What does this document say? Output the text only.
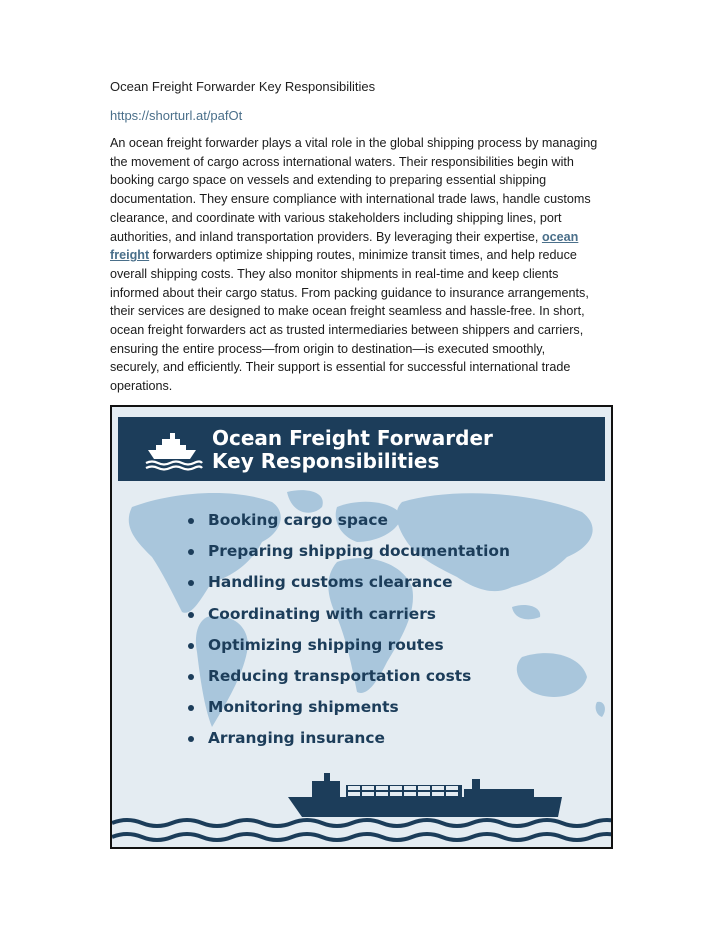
Ocean Freight Forwarder Key Responsibilities
https://shorturl.at/pafOt
An ocean freight forwarder plays a vital role in the global shipping process by managing
the movement of cargo across international waters. Their responsibilities begin with
booking cargo space on vessels and extending to preparing essential shipping
documentation. They ensure compliance with international trade laws, handle customs
clearance, and coordinate with various stakeholders including shipping lines, port
authorities, and inland transportation providers. By leveraging their expertise, ocean
freight forwarders optimize shipping routes, minimize transit times, and help reduce
overall shipping costs. They also monitor shipments in real-time and keep clients
informed about their cargo status. From packing guidance to insurance arrangements,
their services are designed to make ocean freight seamless and hassle-free. In short,
ocean freight forwarders act as trusted intermediaries between shippers and carriers,
ensuring the entire process—from origin to destination—is executed smoothly,
securely, and efficiently. Their support is essential for successful international trade
operations.
Ocean Freight Forwarder
Key Responsibilities
Booking cargo space
Preparing shipping documentation
Handling customs clearance
Coordinating with carriers
Optimizing shipping routes
Reducing transportation costs
Monitoring shipments
Arranging insurance
